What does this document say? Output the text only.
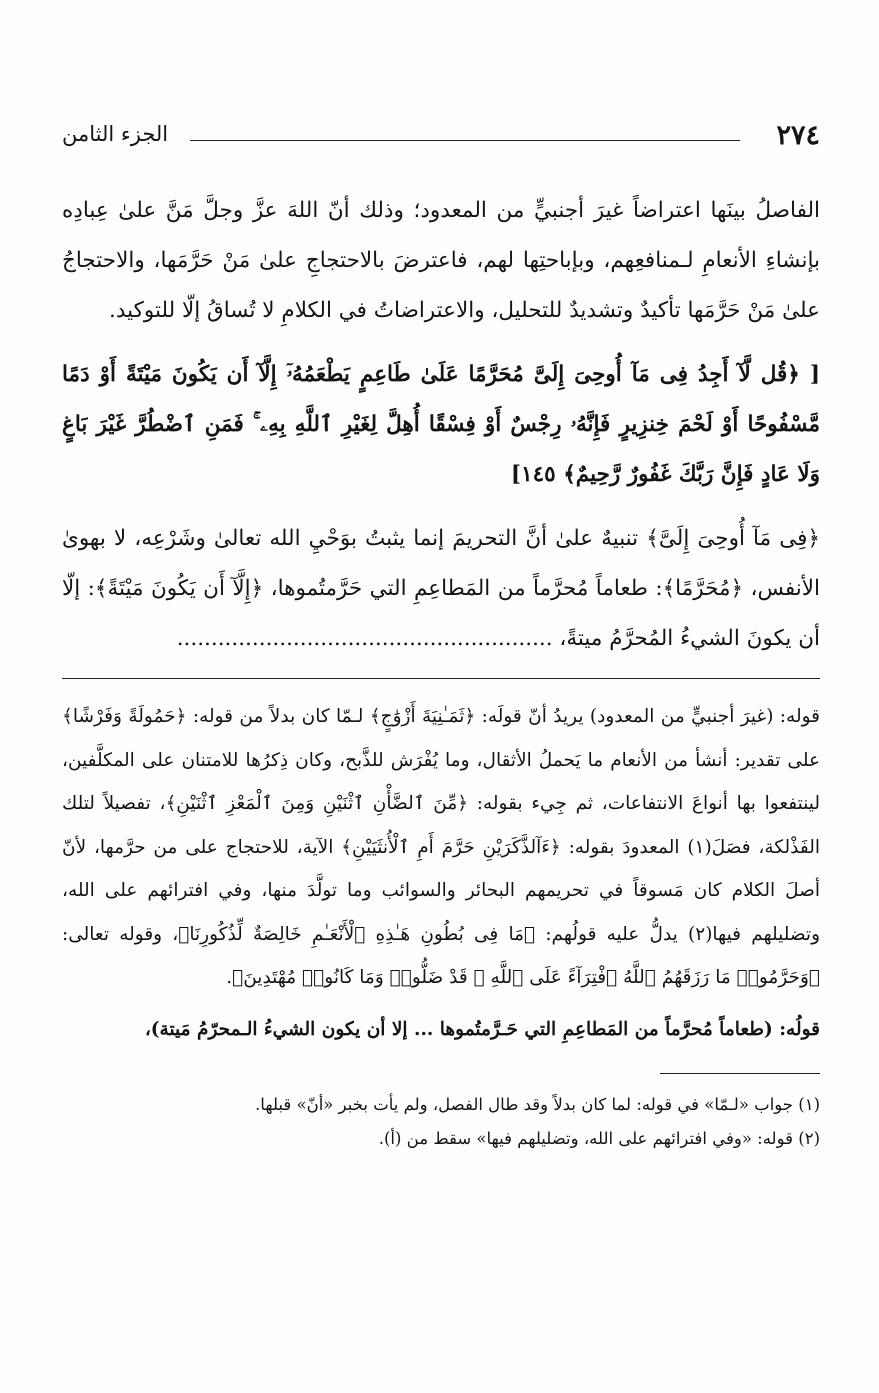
٢٧٤
الجزء الثامن

الفاصلُ بينَها اعتراضاً غيرَ أجنبيٍّ من المعدود؛ وذلك أنّ اللهَ عزَّ وجلَّ مَنَّ علىٰ عِبادِه بإنشاءِ الأنعامِ لـمنافعِهم، وبإباحتِها لهم، فاعترضَ بالاحتجاجِ علىٰ مَنْ حَرَّمَها، والاحتجاجُ علىٰ مَنْ حَرَّمَها تأكيدٌ وتشديدٌ للتحليل، والاعتراضاتُ في الكلامِ لا تُساقُ إلّا للتوكيد.

[ ﴿قُل لَّآ أَجِدُ فِى مَآ أُوحِىَ إِلَىَّ مُحَرَّمًا عَلَىٰ طَاعِمٍ يَطْعَمُهُۥٓ إِلَّآ أَن يَكُونَ مَيْتَةً أَوْ دَمًا مَّسْفُوحًا أَوْ لَحْمَ خِنزِيرٍ فَإِنَّهُۥ رِجْسٌ أَوْ فِسْقًا أُهِلَّ لِغَيْرِ ٱللَّهِ بِهِۦ ۚ فَمَنِ ٱضْطُرَّ غَيْرَ بَاغٍ وَلَا عَادٍ فَإِنَّ رَبَّكَ غَفُورٌ رَّحِيمٌ﴾ ١٤٥]

﴿فِى مَآ أُوحِىَ إِلَىَّ﴾ تنبيهٌ علىٰ أنَّ التحريمَ إنما يثبتُ بوَحْيِ الله تعالىٰ وشَرْعِه، لا بهوىٰ الأنفس، ﴿مُحَرَّمًا﴾: طعاماً مُحرَّماً من المَطاعِمِ التي حَرَّمتُموها، ﴿إِلَّآ أَن يَكُونَ مَيْتَةً﴾: إلّا أن يكونَ الشيءُ المُحرَّمُ ميتةً، .......................................................

قوله: (غيرَ أجنبيٍّ من المعدود) يريدُ أنّ قولَه: ﴿ثَمَـٰنِيَةَ أَزْوَٰجٍ﴾ لـمّا كان بدلاً من قوله: ﴿حَمُولَةً وَفَرْشًا﴾ على تقدير: أنشأ من الأنعام ما يَحملُ الأثقال، وما يُفْرَش للذَّبح، وكان ذِكرُها للامتنان على المكلَّفين، لينتفعوا بها أنواعَ الانتفاعات، ثم جِيء بقوله: ﴿مِّنَ ٱلضَّأْنِ ٱثْنَيْنِ وَمِنَ ٱلْمَعْزِ ٱثْنَيْنِ﴾، تفصيلاً لتلك الفَذْلكة، فصَلَ(١) المعدودَ بقوله: ﴿ءَآلذَّكَرَيْنِ حَرَّمَ أَمِ ٱلْأُنثَيَيْنِ﴾ الآية، للاحتجاج على من حرَّمها، لأنّ أصلَ الكلام كان مَسوقاً في تحريمهم البحائر والسوائب وما تولَّدَ منها، وفي افترائهم على الله، وتضليلهم فيها(٢) يدلُّ عليه قولُهم: ﴿مَا فِى بُطُونِ هَـٰذِهِ ٱلْأَنْعَـٰمِ خَالِصَةٌ لِّذُكُورِنَا﴾، وقوله تعالى: ﴿وَحَرَّمُوا۟ مَا رَزَقَهُمُ ٱللَّهُ ٱفْتِرَآءً عَلَى ٱللَّهِ ۚ قَدْ ضَلُّوا۟ وَمَا كَانُوا۟ مُهْتَدِينَ﴾.

قولُه: (طعاماً مُحرَّماً من المَطاعِمِ التي حَـرَّمتُموها ... إلا أن يكون الشيءُ الـمحرّمُ مَيتة)،

(١) جواب «لـمّا» في قوله: لما كان بدلاً وقد طال الفصل، ولم يأت بخبر «أنّ» قبلها.

(٢) قوله: «وفي افترائهم على الله، وتضليلهم فيها» سقط من (أ).
